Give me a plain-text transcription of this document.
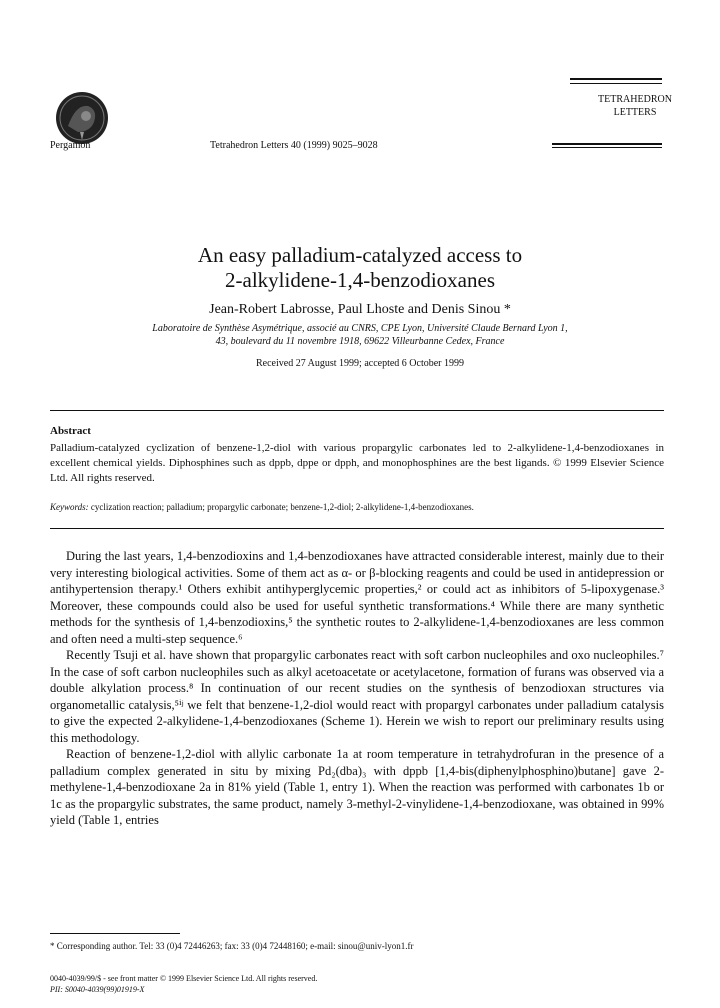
Pergamon	Tetrahedron Letters 40 (1999) 9025–9028
TETRAHEDRON
LETTERS
An easy palladium-catalyzed access to
2-alkylidene-1,4-benzodioxanes
Jean-Robert Labrosse, Paul Lhoste and Denis Sinou *
Laboratoire de Synthèse Asymétrique, associé au CNRS, CPE Lyon, Université Claude Bernard Lyon 1,
43, boulevard du 11 novembre 1918, 69622 Villeurbanne Cedex, France
Received 27 August 1999; accepted 6 October 1999
Abstract
Palladium-catalyzed cyclization of benzene-1,2-diol with various propargylic carbonates led to 2-alkylidene-1,4-benzodioxanes in excellent chemical yields. Diphosphines such as dppb, dppe or dpph, and monophosphines are the best ligands. © 1999 Elsevier Science Ltd. All rights reserved.
Keywords: cyclization reaction; palladium; propargylic carbonate; benzene-1,2-diol; 2-alkylidene-1,4-benzodioxanes.

During the last years, 1,4-benzodioxins and 1,4-benzodioxanes have attracted considerable interest, mainly due to their very interesting biological activities. Some of them act as α- or β-blocking reagents and could be used in antidepression or antihypertension therapy.¹ Others exhibit antihyperglycemic properties,² or could act as inhibitors of 5-lipoxygenase.³ Moreover, these compounds could also be used for useful synthetic transformations.⁴ While there are many synthetic methods for the synthesis of 1,4-benzodioxins,⁵ the synthetic routes to 2-alkylidene-1,4-benzodioxanes are less common and often need a multi-step sequence.⁶

Recently Tsuji et al. have shown that propargylic carbonates react with soft carbon nucleophiles and oxo nucleophiles.⁷ In the case of soft carbon nucleophiles such as alkyl acetoacetate or acetylacetone, formation of furans was observed via a double alkylation process.⁸ In continuation of our recent studies on the synthesis of benzodioxan structures via organometallic catalysis,⁵ⁱʲ we felt that benzene-1,2-diol would react with propargyl carbonates under palladium catalysis to give the expected 2-alkylidene-1,4-benzodioxanes (Scheme 1). Herein we wish to report our preliminary results using this methodology.

Reaction of benzene-1,2-diol with allylic carbonate 1a at room temperature in tetrahydrofuran in the presence of a palladium complex generated in situ by mixing Pd₂(dba)₃ with dppb [1,4-bis(diphenylphosphino)butane] gave 2-methylene-1,4-benzodioxane 2a in 81% yield (Table 1, entry 1). When the reaction was performed with carbonates 1b or 1c as the propargylic substrates, the same product, namely 3-methyl-2-vinylidene-1,4-benzodioxane, was obtained in 99% yield (Table 1, entries

* Corresponding author. Tel: 33 (0)4 72446263; fax: 33 (0)4 72448160; e-mail: sinou@univ-lyon1.fr
0040-4039/99/$ - see front matter © 1999 Elsevier Science Ltd. All rights reserved.
PII: S0040-4039(99)01919-X
